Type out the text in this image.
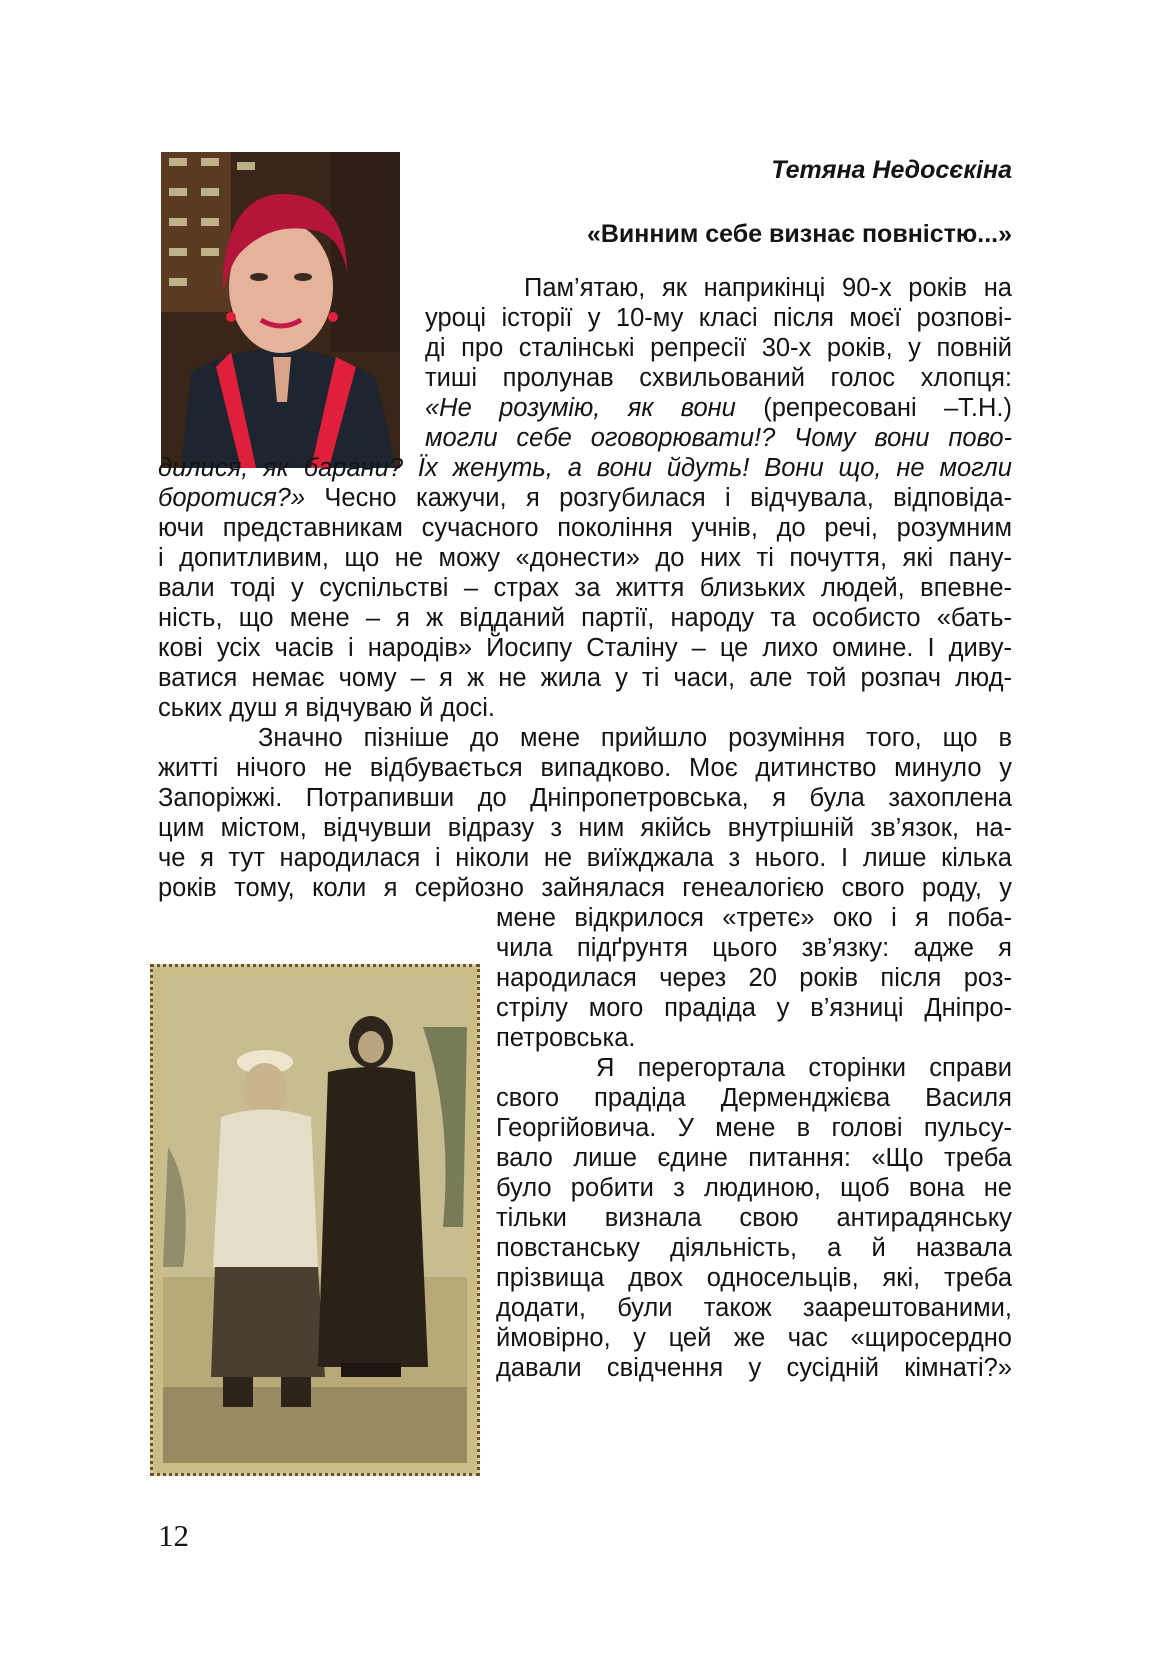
Тетяна Недосєкіна
«Винним себе визнає повністю...»
Пам’ятаю, як наприкінці 90-х років на
уроці історії у 10-му класі після моєї розпові-
ді про сталінські репресії 30-х років, у повній
тиші пролунав схвильований голос хлопця:
«Не розумію, як вони (репресовані –Т.Н.)
могли себе оговорювати!? Чому вони пово-
дилися, як барани? Їх женуть, а вони йдуть! Вони що, не могли
боротися?» Чесно кажучи, я розгубилася і відчувала, відповіда-
ючи представникам сучасного покоління учнів, до речі, розумним
і допитливим, що не можу «донести» до них ті почуття, які пану-
вали тоді у суспільстві – страх за життя близьких людей, впевне-
ність, що мене – я ж відданий партії, народу та особисто «бать-
кові усіх часів і народів» Йосипу Сталіну – це лихо омине. І диву-
ватися немає чому – я ж не жила у ті часи, але той розпач люд-
ських душ я відчуваю й досі.
Значно пізніше до мене прийшло розуміння того, що в
житті нічого не відбувається випадково. Моє дитинство минуло у
Запоріжжі. Потрапивши до Дніпропетровська, я була захоплена
цим містом, відчувши відразу з ним якійсь внутрішній зв’язок, на-
че я тут народилася і ніколи не виїжджала з нього. І лише кілька
років тому, коли я серйозно зайнялася генеалогією свого роду, у
мене відкрилося «третє» око і я поба-
чила підґрунтя цього зв’язку: адже я
народилася через 20 років після роз-
стрілу мого прадіда у в’язниці Дніпро-
петровська.
Я перегортала сторінки справи
свого прадіда Дерменджієва Василя
Георгійовича. У мене в голові пульсу-
вало лише єдине питання: «Що треба
було робити з людиною, щоб вона не
тільки визнала свою антирадянську
повстанську діяльність, а й назвала
прізвища двох односельців, які, треба
додати, були також заарештованими,
ймовірно, у цей же час «щиросердно
давали свідчення у сусідній кімнаті?»
12
